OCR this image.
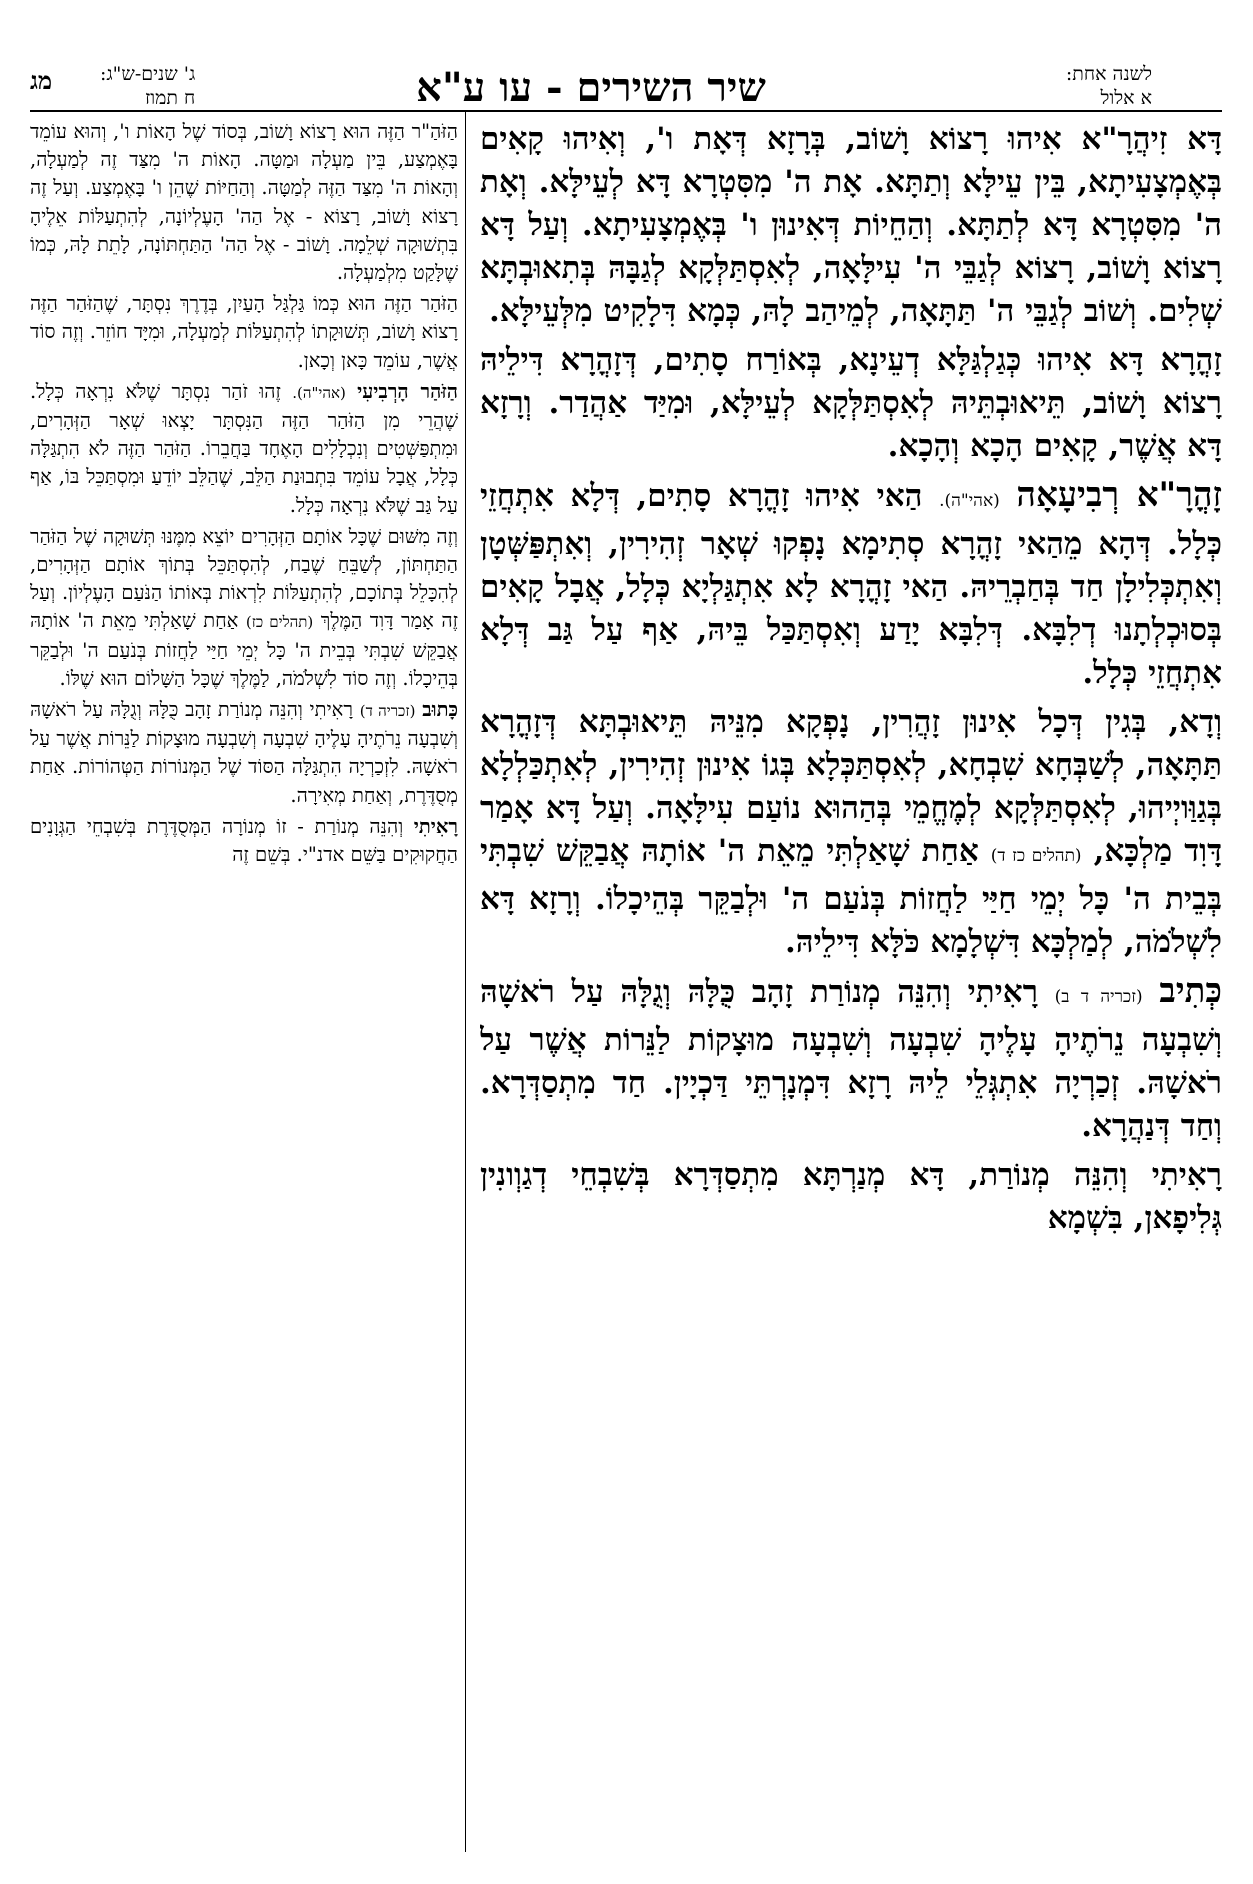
לשנה אחת:
א אלול
שיר השירים - עו ע"א
ג' שנים-ש"ג:
ח תמוז
מג

דָּא זִיהֲרָ"א אִיהוּ רָצוֹא וָשׁוֹב, בְּרָזָא דְּאָת ו', וְאִיהוּ קָאִים בְּאֶמְצָעִיתָא, בֵּין עֵילָּא וְתַתָּא. אָת ה' מִסִּטְרָא דָּא לְעֵילָּא. וְאָת ה' מִסִּטְרָא דָּא לְתַתָּא. וְהַחֵיוֹת דְּאִינוּן ו' בְּאֶמְצָעִיתָא. וְעַל דָּא רָצוֹא וָשׁוֹב, רָצוֹא לְגַבֵּי ה' עִילָּאָה, לְאִסְתַּלְּקָא לְגַבָּהּ בְּתִאוּבְתָּא שְׁלִים. וְשׁוֹב לְגַבֵּי ה' תַּתָּאָה, לְמֵיהַב לָהּ, כְּמָא דִּלָקִיט מִלְּעֵילָּא.

זָהֳרָא דָּא אִיהוּ כְּגַלְגַּלָּא דְעֵינָא, בְּאוֹרַח סָתִים, דְּזָהֳרָא דִּילֵיהּ רָצוֹא וָשׁוֹב, תֵּיאוּבְתֵּיהּ לְאִסְתַּלְּקָא לְעֵילָּא, וּמִיַּד אַהֲדַר. וְרָזָא דָּא אֲשֶׁר, קָאִים הָכָא וְהָכָא.

זָהֳרָ"א רְבִיעָאָה (אהי"ה). הַאי אִיהוּ זָהֳרָא סָתִים, דְּלָא אִתְחֲזֵי כְּלָל. דְּהָא מֵהַאי זָהֳרָא סְתִימָא נָפְקוּ שְׁאָר זְהִירִין, וְאִתְפַּשְּׁטָן וְאִתְכְּלִילָן חַד בְּחַבְרֵיהּ. הַאי זָהֳרָא לָא אִתְגַּלְיָא כְּלָל, אֲבָל קָאִים בְּסוּכְלְתָנוּ דְלִבָּא. דְּלִבָּא יָדַע וְאִסְתַּכַּל בֵּיהּ, אַף עַל גַּב דְּלָא אִתְחֲזֵי כְּלָל.

וְדָא, בְּגִין דְּכָל אִינוּן זָהֲרִין, נָפְקָא מִנֵּיהּ תֵּיאוּבְתָּא דְּזָהֳרָא תַּתָּאָה, לְשַׁבְּחָא שִׁבְחָא, לְאִסְתַּכְּלָא בְּגוֹ אִינוּן זְהִירִין, לְאִתְכַּלְלָא בְּגַוַּויְיהוּ, לְאִסְתַּלְּקָא לְמֶחֱמֵי בְּהַהוּא נוֹעַם עִילָּאָה. וְעַל דָּא אָמַר דָּוִד מַלְכָּא, (תהלים כז ד) אַחַת שָׁאַלְתִּי מֵאֵת ה' אוֹתָהּ אֲבַקֵּשׁ שִׁבְתִּי בְּבֵית ה' כָּל יְמֵי חַיַּי לַחֲזוֹת בְּנֹעַם ה' וּלְבַקֵּר בְּהֵיכָלוֹ. וְרָזָא דָּא לִשְׁלֹמֹה, לְמַלְכָּא דִּשְׁלָמָא כֹּלָּא דִּילֵיהּ.

כְּתִיב (זכריה ד ב) רָאִיתִי וְהִנֵּה מְנוֹרַת זָהָב כֻּלָּהּ וְגֻלָּהּ עַל רֹאשָׁהּ וְשִׁבְעָה נֵרֹתֶיהָ עָלֶיהָ שִׁבְעָה וְשִׁבְעָה מוּצָקוֹת לַנֵּרוֹת אֲשֶׁר עַל רֹאשָׁהּ. זְכַרְיָה אִתְגְּלֵי לֵיהּ רָזָא דִּמְנָרְתֵּי דַּכְיָין. חַד מִתְסַדְּרָא. וְחַד דְּנַהֲרָא.

רָאִיתִי וְהִנֵּה מְנוֹרַת, דָּא מְנַרְתָּא מִתְסַדְּרָא בְּשִׁבְחֵי דְגַוְונִין גְּלִיפָאן, בִּשְׁמָא

הַזֹּהַ"ר הַזֶּה הוּא רָצוֹא וָשׁוֹב, בְּסוֹד שֶׁל הָאוֹת ו', וְהוּא עוֹמֵד בָּאֶמְצַע, בֵּין מַעְלָה וּמַטָּה. הָאוֹת ה' מִצַּד זֶה לְמַעְלָה, וְהָאוֹת ה' מִצַּד הַזֶּה לְמַטָּה. וְהַחַיּוֹת שֶׁהֵן ו' בָּאֶמְצַע. וְעַל זֶה רָצוֹא וָשׁוֹב, רָצוֹא - אֶל הַה' הָעֶלְיוֹנָה, לְהִתְעַלּוֹת אֵלֶיהָ בִּתְשׁוּקָה שְׁלֵמָה. וָשׁוֹב - אֶל הַה' הַתַּחְתּוֹנָה, לָתֵת לָהּ, כְּמוֹ שֶׁלָּקַט מִלְמַעְלָה.

הַזֹּהַר הַזֶּה הוּא כְּמוֹ גַּלְגַּל הָעַיִן, בְּדֶרֶךְ נִסְתָּר, שֶׁהַזֹּהַר הַזֶּה רָצוֹא וָשׁוֹב, תְּשׁוּקָתוֹ לְהִתְעַלּוֹת לְמַעְלָה, וּמִיָּד חוֹזֵר. וְזֶה סוֹד אֲשֶׁר, עוֹמֵד כָּאן וְכָאן.

הַזֹּהַר הָרְבִיעִי (אהי"ה). זֶהוּ זֹהַר נִסְתָּר שֶׁלֹּא נִרְאָה כְּלָל. שֶׁהֲרֵי מִן הַזֹּהַר הַזֶּה הַנִּסְתָּר יָצְאוּ שְׁאָר הַזְּהָרִים, וּמִתְפַּשְּׁטִים וְנִכְלָלִים הָאֶחָד בַּחֲבֵרוֹ. הַזֹּהַר הַזֶּה לֹא הִתְגַּלָּה כְּלָל, אֲבָל עוֹמֵד בִּתְבוּנַת הַלֵּב, שֶׁהַלֵּב יוֹדֵעַ וּמִסְתַּכֵּל בּוֹ, אַף עַל גַּב שֶׁלֹּא נִרְאָה כְּלָל.

וְזֶה מִשּׁוּם שֶׁכָּל אוֹתָם הַזְּהָרִים יוֹצֵא מִמֶּנּוּ תְּשׁוּקָה שֶׁל הַזֹּהַר הַתַּחְתּוֹן, לְשַׁבֵּחַ שֶׁבַח, לְהִסְתַּכֵּל בְּתוֹךְ אוֹתָם הַזְּהָרִים, לְהִכָּלֵל בְּתוֹכָם, לְהִתְעַלּוֹת לִרְאוֹת בְּאוֹתוֹ הַנֹּעַם הָעֶלְיוֹן. וְעַל זֶה אָמַר דָּוִד הַמֶּלֶךְ (תהלים כז) אַחַת שָׁאַלְתִּי מֵאֵת ה' אוֹתָהּ אֲבַקֵּשׁ שִׁבְתִּי בְּבֵית ה' כָּל יְמֵי חַיַּי לַחֲזוֹת בְּנֹעַם ה' וּלְבַקֵּר בְּהֵיכָלוֹ. וְזֶה סוֹד לִשְׁלֹמֹה, לַמֶּלֶךְ שֶׁכָּל הַשָּׁלוֹם הוּא שֶׁלּוֹ.

כָּתוּב (זכריה ד) רָאִיתִי וְהִנֵּה מְנוֹרַת זָהָב כֻּלָּהּ וְגֻלָּהּ עַל רֹאשָׁהּ וְשִׁבְעָה נֵרֹתֶיהָ עָלֶיהָ שִׁבְעָה וְשִׁבְעָה מוּצָקוֹת לַנֵּרוֹת אֲשֶׁר עַל רֹאשָׁהּ. לִזְכַרְיָה הִתְגַּלָּה הַסּוֹד שֶׁל הַמְּנוֹרוֹת הַטְּהוֹרוֹת. אַחַת מְסֻדֶּרֶת, וְאַחַת מְאִירָה.

רָאִיתִי וְהִנֵּה מְנוֹרַת - זוֹ מְנוֹרָה הַמְּסֻדֶּרֶת בְּשִׁבְחֵי הַגְּוָנִים הַחֲקוּקִים בַּשֵּׁם אדנ"י. בְּשֵׁם זֶה
